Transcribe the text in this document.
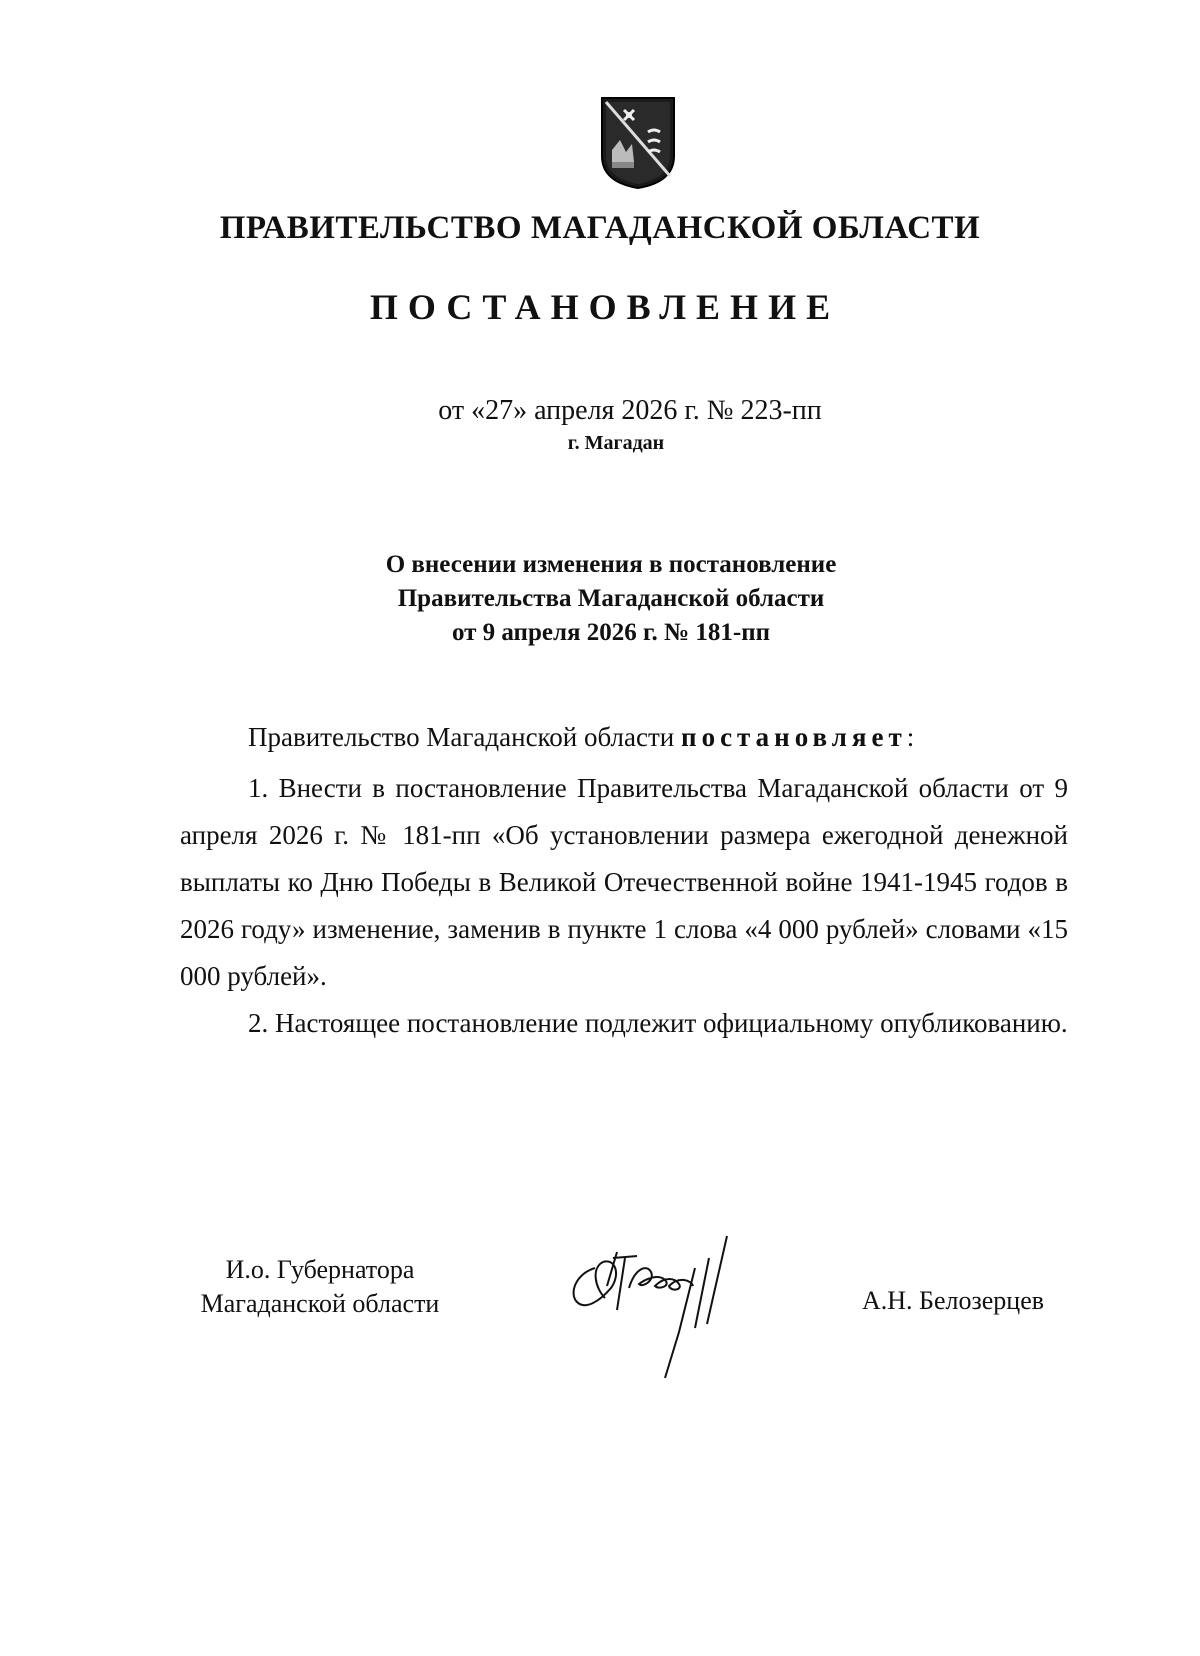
ПРАВИТЕЛЬСТВО МАГАДАНСКОЙ ОБЛАСТИ
ПОСТАНОВЛЕНИЕ
от «27» апреля 2026 г. № 223-пп
г. Магадан
О внесении изменения в постановление
Правительства Магаданской области
от 9 апреля 2026 г. № 181-пп

Правительство Магаданской области постановляет:

1. Внести в постановление Правительства Магаданской области от 9 апреля 2026 г. № 181-пп «Об установлении размера ежегодной денежной выплаты ко Дню Победы в Великой Отечественной войне 1941-1945 годов в 2026 году» изменение, заменив в пункте 1 слова «4 000 рублей» словами «15 000 рублей».

2. Настоящее постановление подлежит официальному опубликованию.

И.о. Губернатора
Магаданской области	А.Н. Белозерцев
